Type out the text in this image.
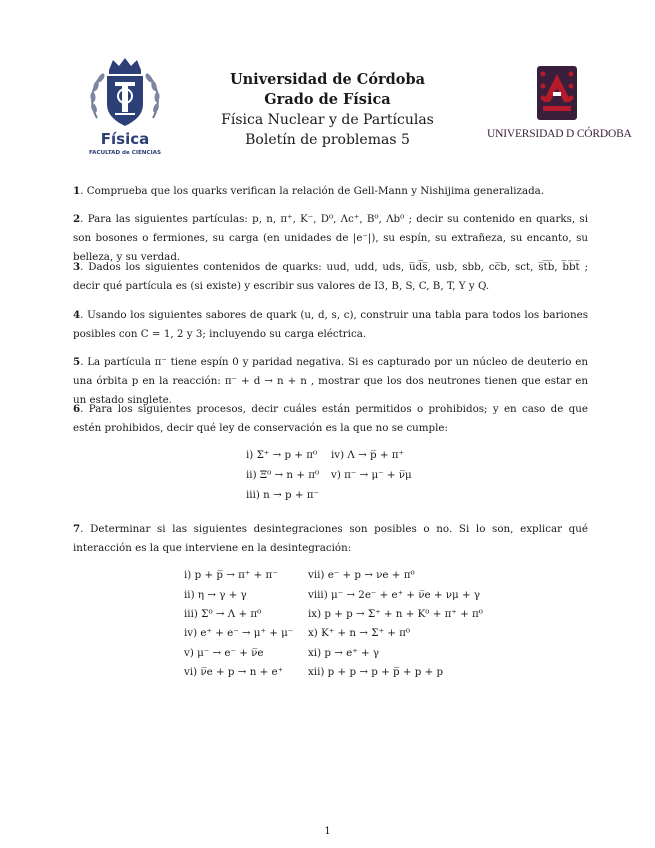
Física
FACULTAD de CIENCIAS
Universidad de Córdoba
Grado de Física
Física Nuclear y de Partículas
Boletín de problemas 5	UNIVERSIDAD D CÓRDOBA
1. Comprueba que los quarks verifican la relación de Gell-Mann y Nishijima generalizada.
2. Para las siguientes partículas: p, n, π⁺, K⁻, D⁰, Λc⁺, B⁰, Λb⁰ ; decir su contenido en quarks, si son bosones o fermiones, su carga (en unidades de |e⁻|), su espín, su extrañeza, su encanto, su belleza, y su verdad.
3. Dados los siguientes contenidos de quarks: uud, udd, uds, u̅d̅s̅, usb, sbb, cc̅b, sct, s̅t̅b̅, b̅b̅t̅ ; decir qué partícula es (si existe) y escribir sus valores de I3, B, S, C, B, T, Y y Q.
4. Usando los siguientes sabores de quark (u, d, s, c), construir una tabla para todos los bariones posibles con C = 1, 2 y 3; incluyendo su carga eléctrica.
5. La partícula π⁻ tiene espín 0 y paridad negativa. Si es capturado por un núcleo de deuterio en una órbita p en la reacción: π⁻ + d → n + n , mostrar que los dos neutrones tienen que estar en un estado singlete.
6. Para los siguientes procesos, decir cuáles están permitidos o prohibidos; y en caso de que estén prohibidos, decir qué ley de conservación es la que no se cumple:
i) Σ⁺ → p + π⁰ iv) Λ → p̅ + π⁺
ii) Ξ⁰ → n + π⁰ v) π⁻ → μ⁻ + ν̅μ
iii) n → p + π⁻
7. Determinar si las siguientes desintegraciones son posibles o no. Si lo son, explicar qué interacción es la que interviene en la desintegración:
i) p + p̅ → π⁺ + π⁻
ii) η → γ + γ
iii) Σ⁰ → Λ + π⁰
iv) e⁺ + e⁻ → μ⁺ + μ⁻
v) μ⁻ → e⁻ + ν̅e
vi) ν̅e + p → n + e⁺
vii) e⁻ + p → νe + π⁰
viii) μ⁻ → 2e⁻ + e⁺ + ν̅e + νμ + γ
ix) p + p → Σ⁺ + n + K⁰ + π⁺ + π⁰
x) K⁺ + n → Σ⁺ + π⁰
xi) p → e⁺ + γ
xii) p + p → p + p̅ + p + p
1
